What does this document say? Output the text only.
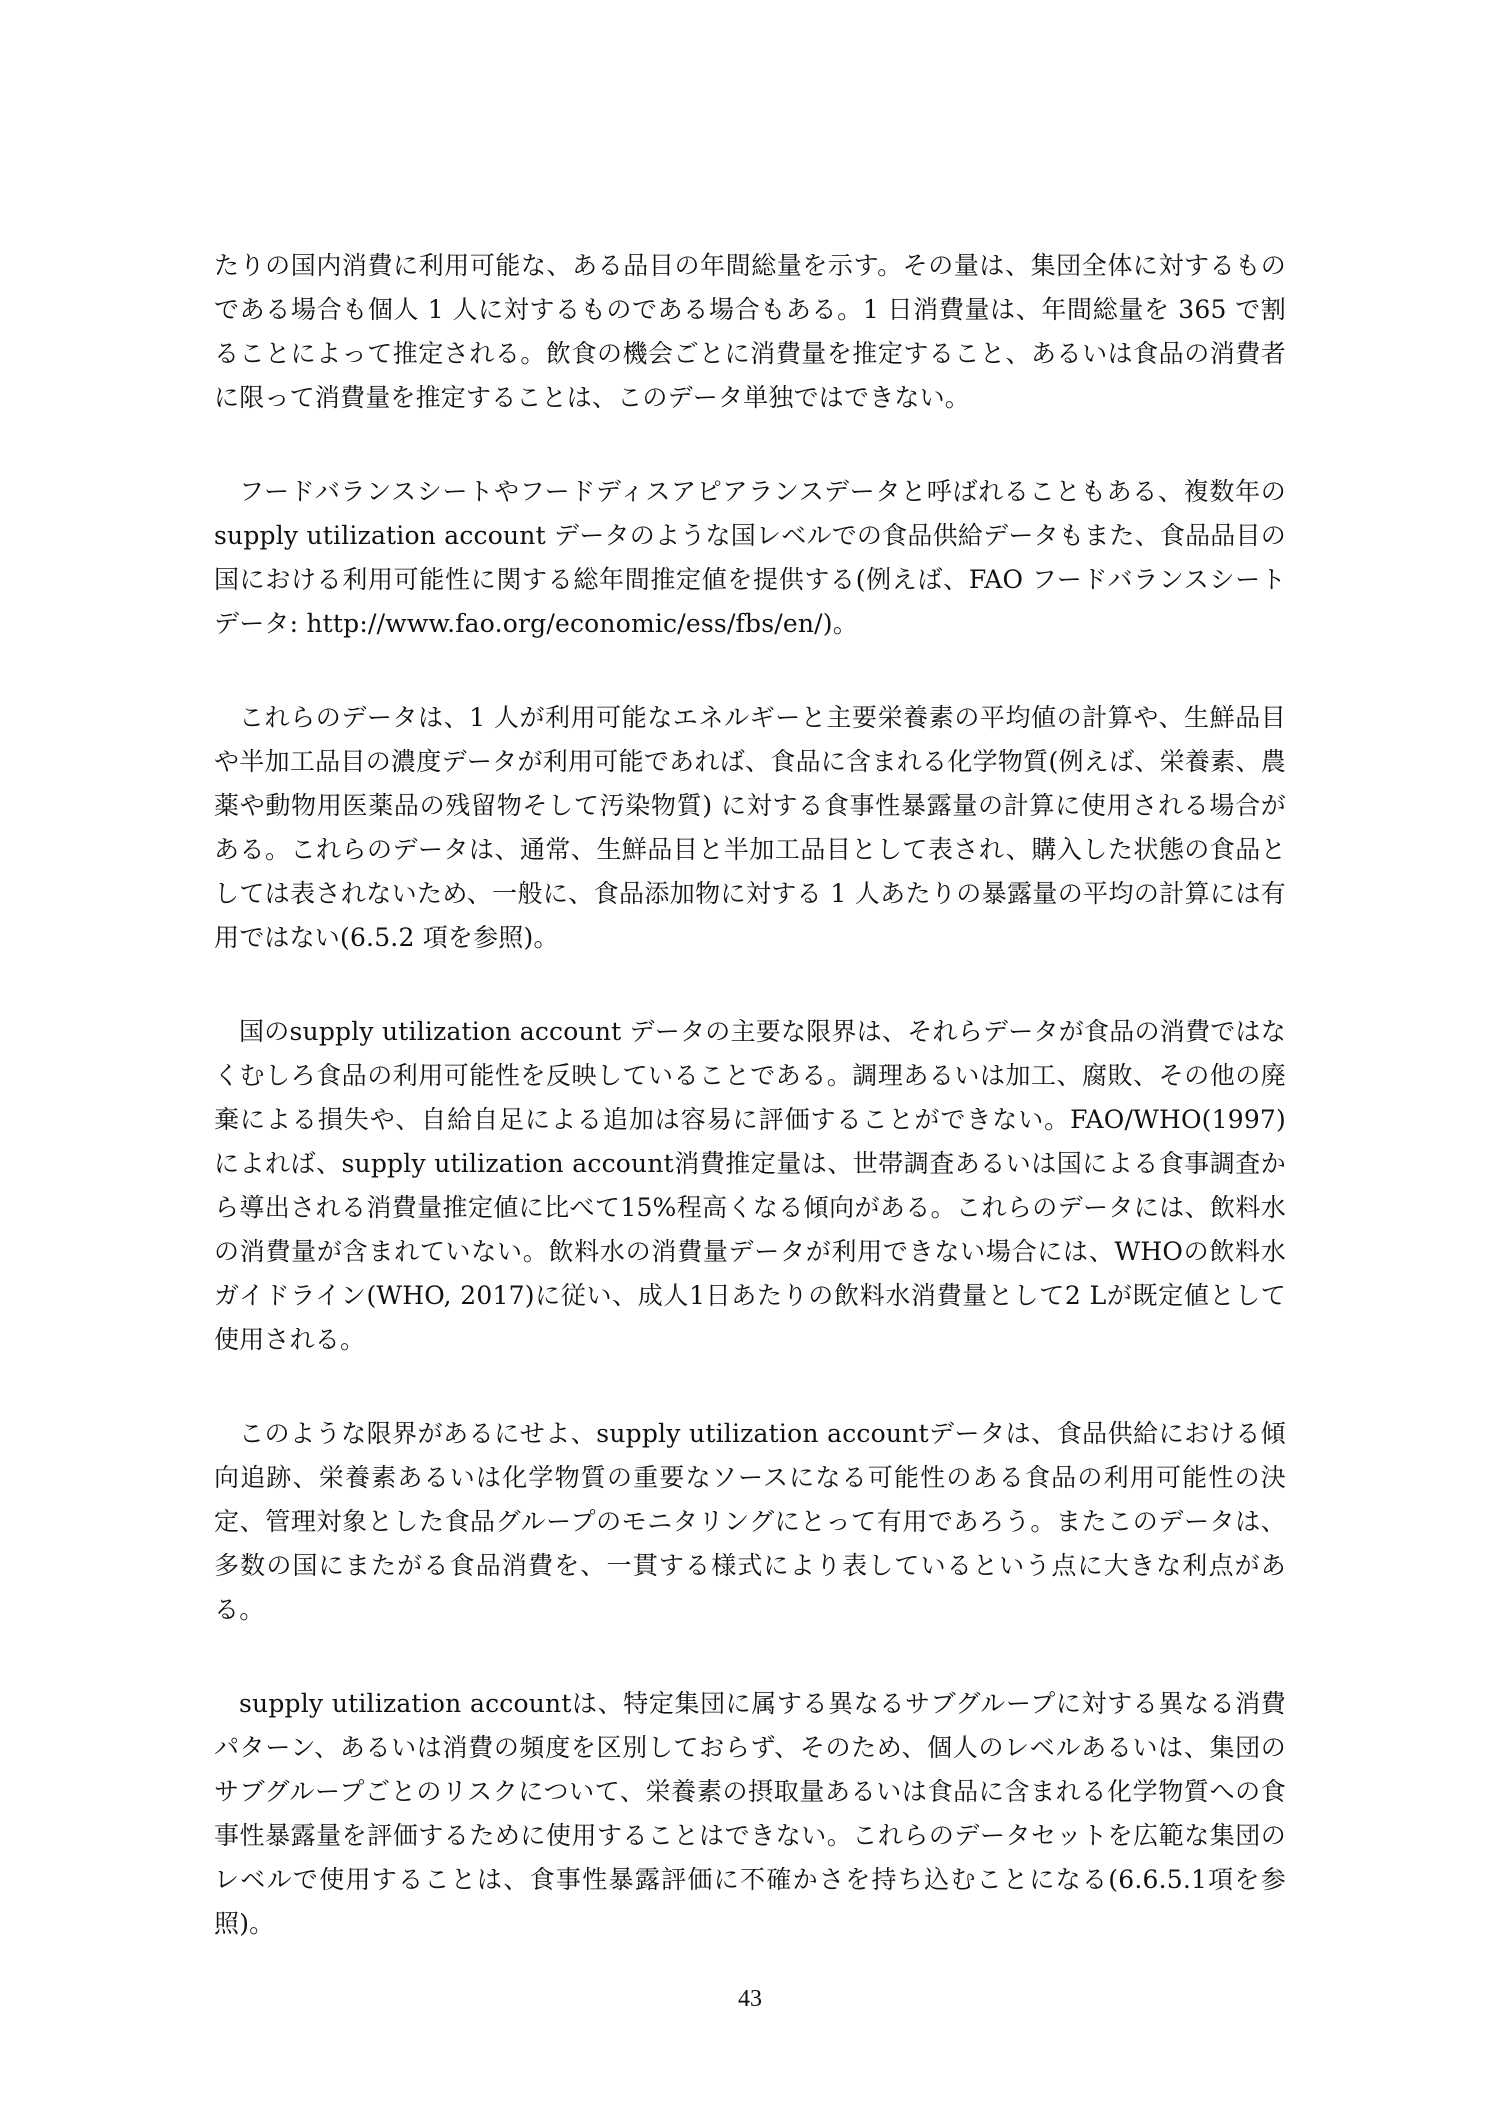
たりの国内消費に利用可能な、ある品目の年間総量を示す。その量は、集団全体に対するものである場合も個人 1 人に対するものである場合もある。1 日消費量は、年間総量を 365 で割ることによって推定される。飲食の機会ごとに消費量を推定すること、あるいは食品の消費者に限って消費量を推定することは、このデータ単独ではできない。

フードバランスシートやフードディスアピアランスデータと呼ばれることもある、複数年の supply utilization account データのような国レベルでの食品供給データもまた、食品品目の国における利用可能性に関する総年間推定値を提供する(例えば、FAO フードバランスシートデータ: http://www.fao.org/economic/ess/fbs/en/)。

これらのデータは、1 人が利用可能なエネルギーと主要栄養素の平均値の計算や、生鮮品目や半加工品目の濃度データが利用可能であれば、食品に含まれる化学物質(例えば、栄養素、農薬や動物用医薬品の残留物そして汚染物質) に対する食事性暴露量の計算に使用される場合がある。これらのデータは、通常、生鮮品目と半加工品目として表され、購入した状態の食品としては表されないため、一般に、食品添加物に対する 1 人あたりの暴露量の平均の計算には有用ではない(6.5.2 項を参照)。

国のsupply utilization account データの主要な限界は、それらデータが食品の消費ではなくむしろ食品の利用可能性を反映していることである。調理あるいは加工、腐敗、その他の廃棄による損失や、自給自足による追加は容易に評価することができない。FAO/WHO(1997)によれば、supply utilization account消費推定量は、世帯調査あるいは国による食事調査から導出される消費量推定値に比べて15%程高くなる傾向がある。これらのデータには、飲料水の消費量が含まれていない。飲料水の消費量データが利用できない場合には、WHOの飲料水ガイドライン(WHO, 2017)に従い、成人1日あたりの飲料水消費量として2 Lが既定値として使用される。

このような限界があるにせよ、supply utilization accountデータは、食品供給における傾向追跡、栄養素あるいは化学物質の重要なソースになる可能性のある食品の利用可能性の決定、管理対象とした食品グループのモニタリングにとって有用であろう。またこのデータは、多数の国にまたがる食品消費を、一貫する様式により表しているという点に大きな利点がある。

supply utilization accountは、特定集団に属する異なるサブグループに対する異なる消費パターン、あるいは消費の頻度を区別しておらず、そのため、個人のレベルあるいは、集団のサブグループごとのリスクについて、栄養素の摂取量あるいは食品に含まれる化学物質への食事性暴露量を評価するために使用することはできない。これらのデータセットを広範な集団のレベルで使用することは、食事性暴露評価に不確かさを持ち込むことになる(6.6.5.1項を参照)。

43
